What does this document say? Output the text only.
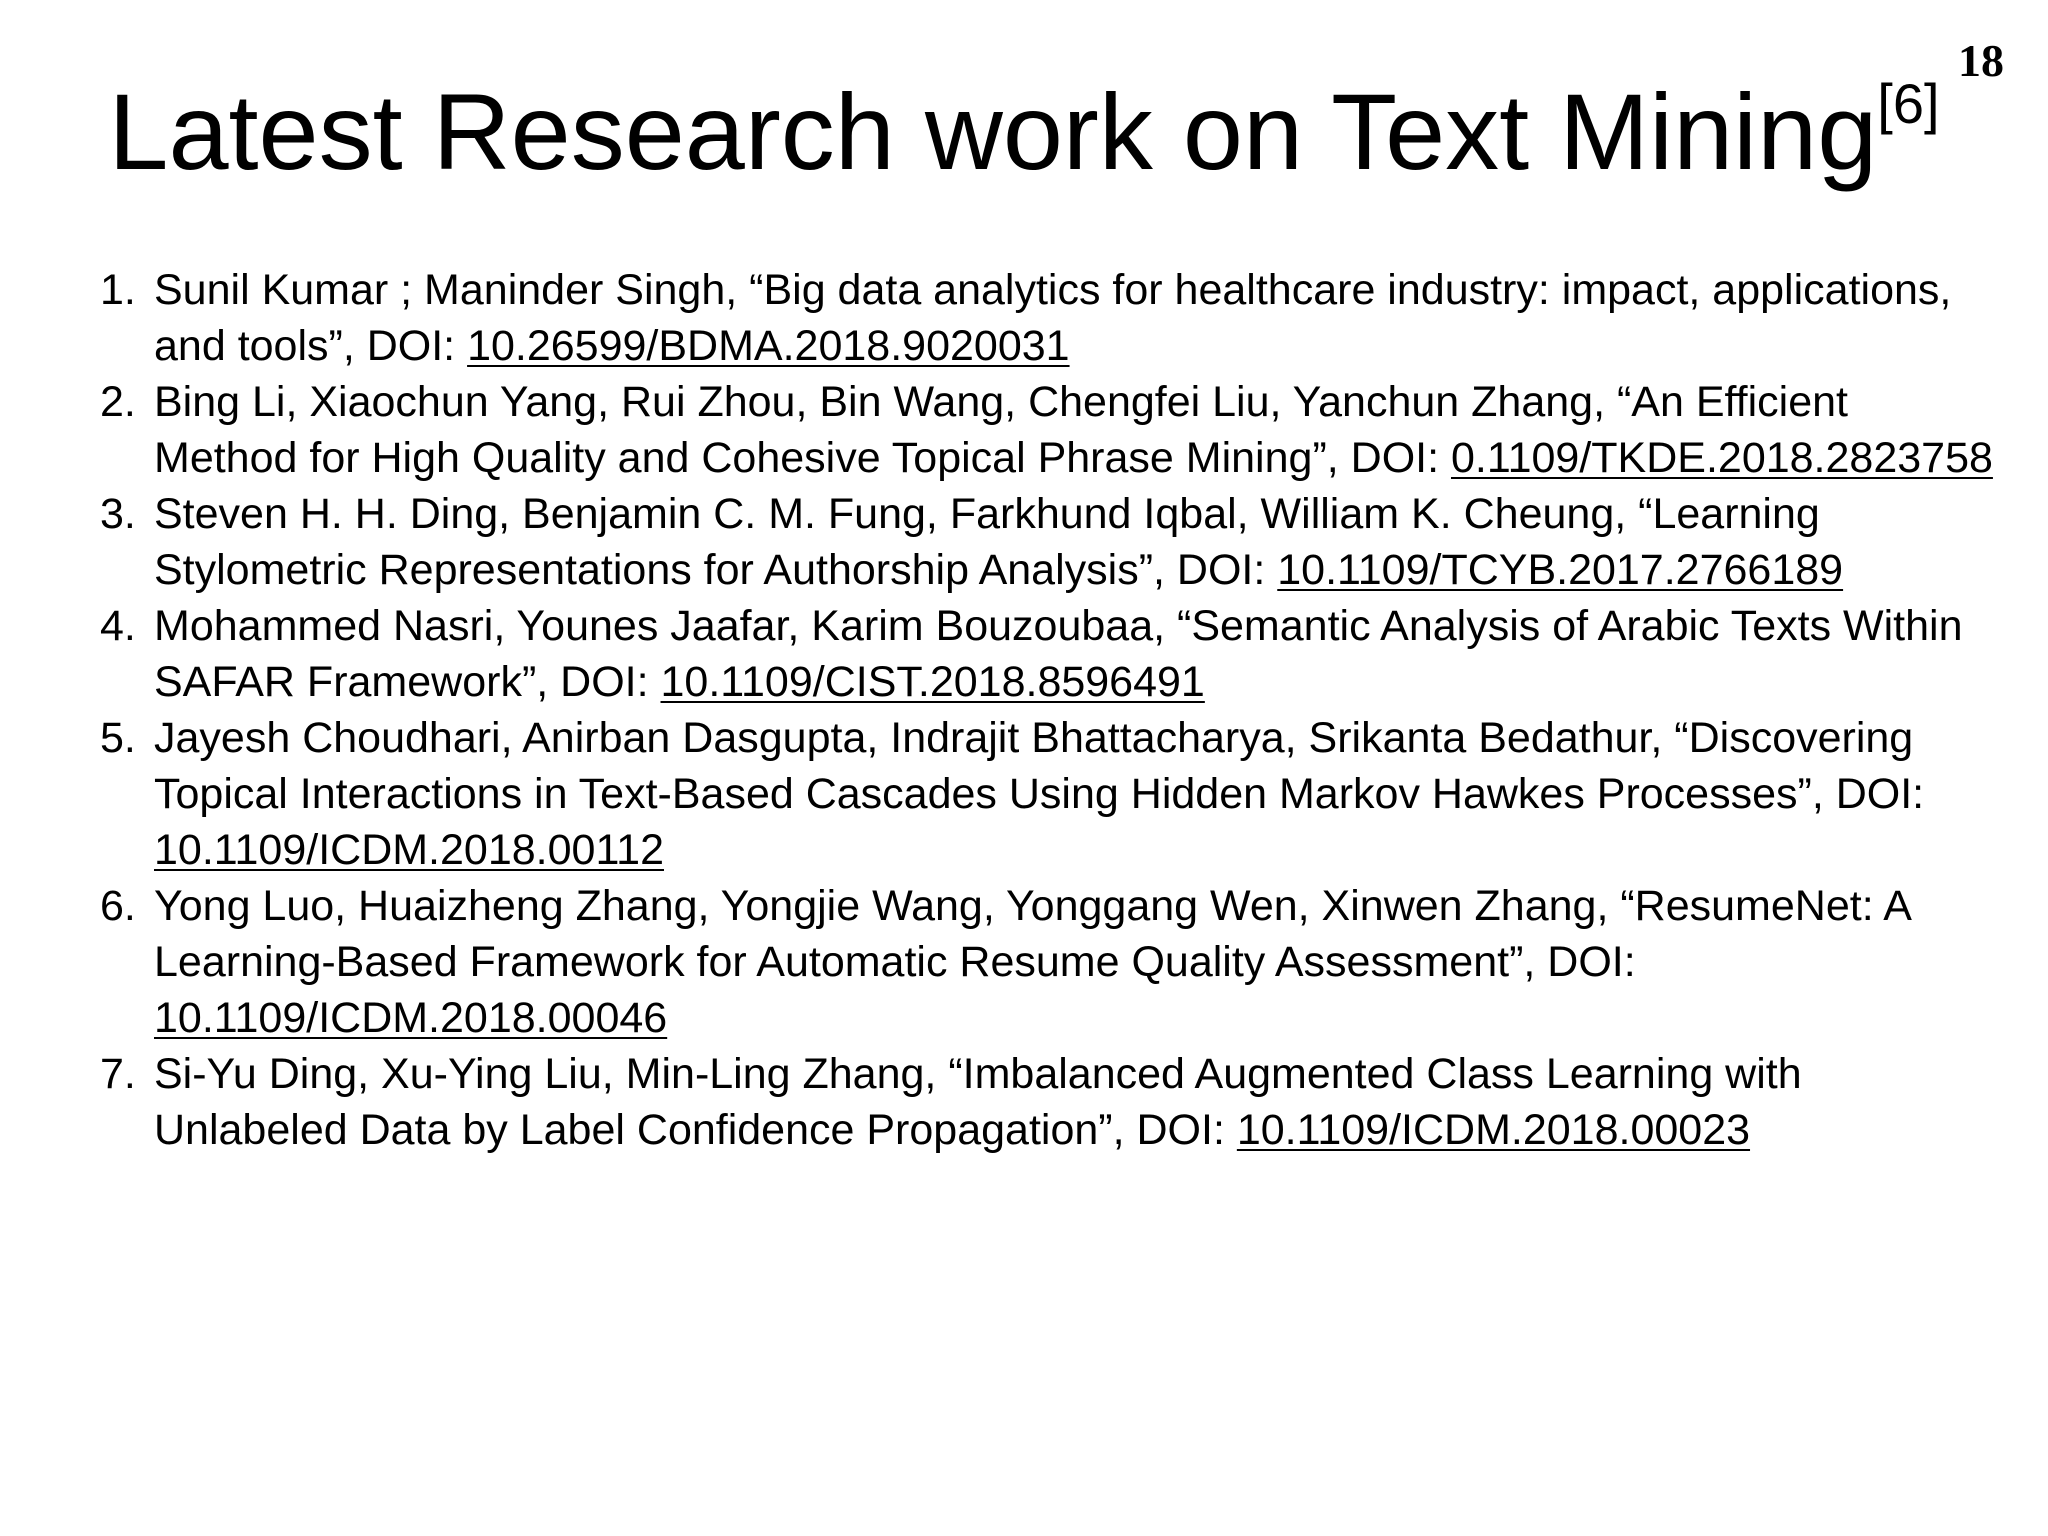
18
Latest Research work on Text Mining[6]
1. Sunil Kumar ; Maninder Singh, “Big data analytics for healthcare industry: impact, applications, and tools”, DOI: 10.26599/BDMA.2018.9020031
2. Bing Li, Xiaochun Yang, Rui Zhou, Bin Wang, Chengfei Liu, Yanchun Zhang, “An Efficient Method for High Quality and Cohesive Topical Phrase Mining”, DOI: 0.1109/TKDE.2018.2823758
3. Steven H. H. Ding, Benjamin C. M. Fung, Farkhund Iqbal, William K. Cheung, “Learning Stylometric Representations for Authorship Analysis”, DOI: 10.1109/TCYB.2017.2766189
4. Mohammed Nasri, Younes Jaafar, Karim Bouzoubaa, “Semantic Analysis of Arabic Texts Within SAFAR Framework”, DOI: 10.1109/CIST.2018.8596491
5. Jayesh Choudhari, Anirban Dasgupta, Indrajit Bhattacharya, Srikanta Bedathur, “Discovering Topical Interactions in Text-Based Cascades Using Hidden Markov Hawkes Processes”, DOI: 10.1109/ICDM.2018.00112
6. Yong Luo, Huaizheng Zhang, Yongjie Wang, Yonggang Wen, Xinwen Zhang, “ResumeNet: A Learning-Based Framework for Automatic Resume Quality Assessment”, DOI: 10.1109/ICDM.2018.00046
7. Si-Yu Ding, Xu-Ying Liu, Min-Ling Zhang, “Imbalanced Augmented Class Learning with Unlabeled Data by Label Confidence Propagation”, DOI: 10.1109/ICDM.2018.00023
